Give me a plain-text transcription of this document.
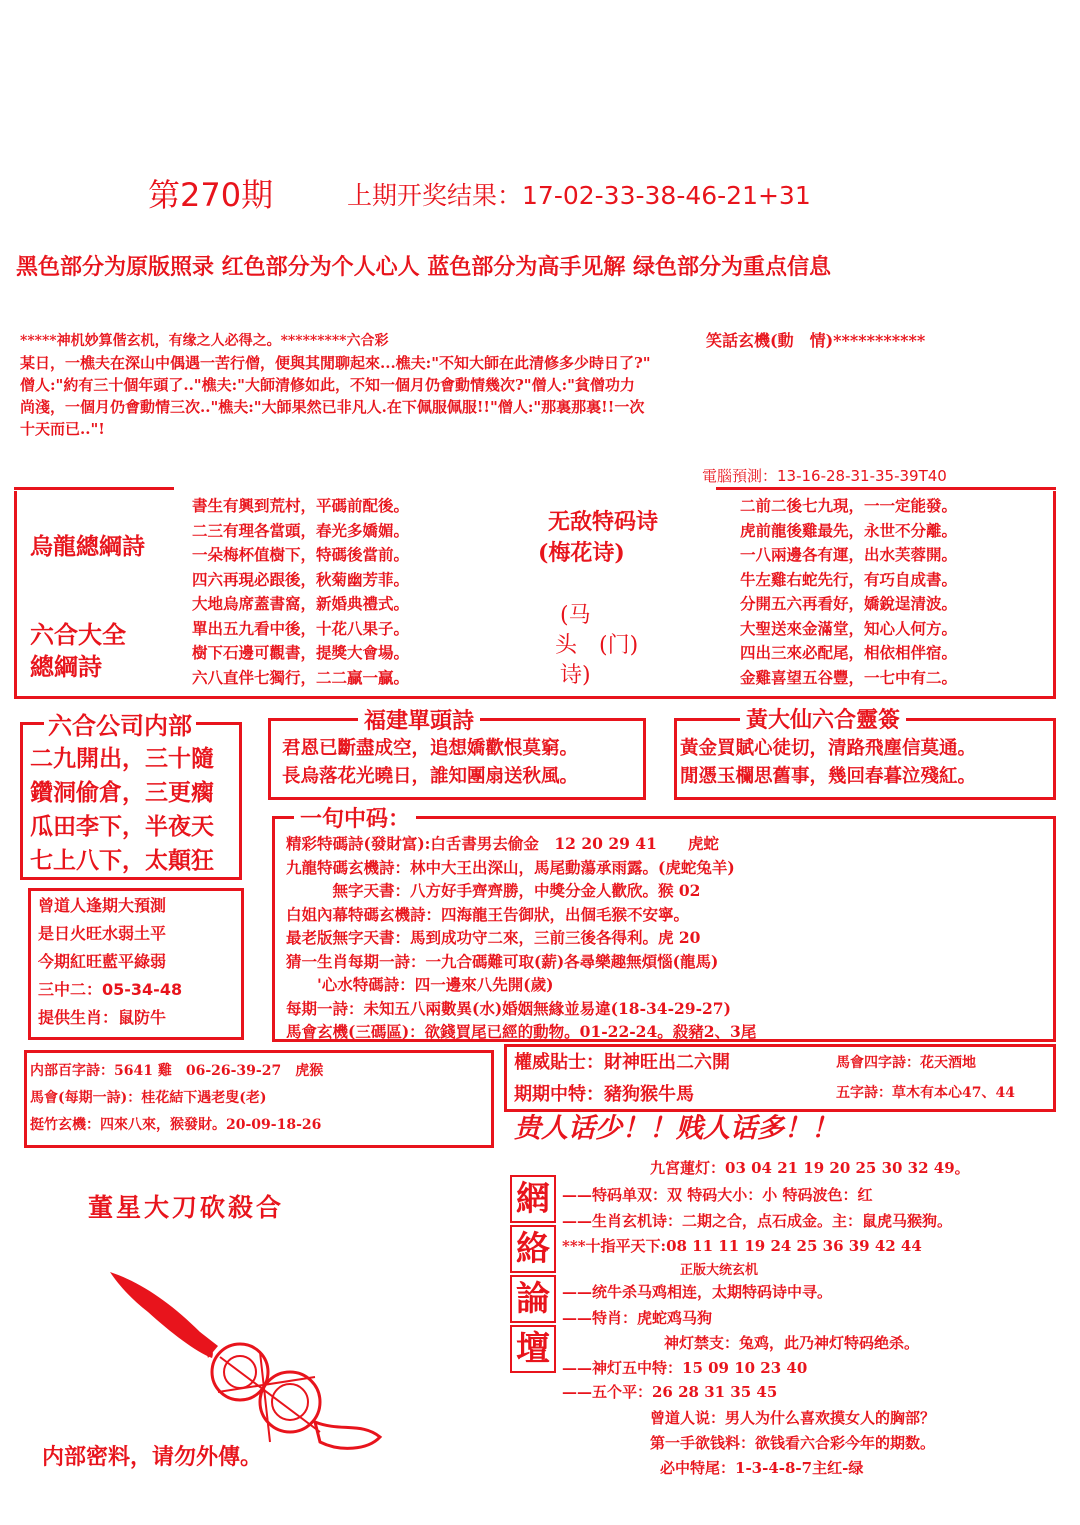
第270期	上期开奖结果：17-02-33-38-46-21+31
黑色部分为原版照录 红色部分为个人心人 蓝色部分为高手见解 绿色部分为重点信息
*****神机妙算偕玄机，有缘之人必得之。*********六合彩	笑話玄機(動　情)***********
某日，一樵夫在深山中偶遇一苦行僧，便與其閒聊起來...樵夫:"不知大師在此清修多少時日了?"
僧人:"約有三十個年頭了.."樵夫:"大師清修如此，不知一個月仍會動情幾次?"僧人:"貧僧功力
尚淺，一個月仍會動情三次.."樵夫:"大師果然已非凡人.在下佩服佩服!!"僧人:"那裏那裏!!一次
十天而已.."!
電腦預測：13-16-28-31-35-39T40
烏龍總綱詩
六合大全
總綱詩
書生有興到荒村，平碼前配後。
二三有理各當頭，春光多嬌媚。
一朵梅杯值樹下，特碼後當前。
四六再現必跟後，秋菊幽芳菲。
大地烏席蓋書窩，新婚典禮式。
單出五九看中後，十花八果子。
樹下石邊可觀書，提獎大會場。
六八直伴七獨行，二二贏一贏。
无敌特码诗
(梅花诗)
(马
头　(门)
诗)
二前二後七九現，一一定能發。
虎前龍後雞最先，永世不分離。
一八兩邊各有運，出水芙蓉開。
牛左雞右蛇先行，有巧自成書。
分開五六再看好，嬌銳逞清波。
大聖送來金滿堂，知心人何方。
四出三來必配尾，相依相伴宿。
金雞喜望五谷豐，一七中有二。
六合公司内部
二九開出，三十隨
鑽洞偷倉，三更瘸
瓜田李下，半夜天
七上八下，太顛狂
福建單頭詩
君恩已斷盡成空，追想嬌歡恨莫窮。
長烏落花光曉日，誰知團扇送秋風。
黃大仙六合靈簽
黃金買賦心徒切，清路飛塵信莫通。
閒憑玉欄思舊事，幾回春暮泣殘紅。
曾道人逢期大預測
是日火旺水弱土平
今期紅旺藍平綠弱
三中二：05-34-48
提供生肖：鼠防牛
一句中码：
精彩特碼詩(發財富):白舌書男去偷金　12 20 29 41　　虎蛇
九龍特碼玄機詩：林中大王出深山，馬尾動蕩承雨露。(虎蛇兔羊)
　　　無字天書：八方好手齊齊勝，中獎分金人歡欣。猴 02
白姐內幕特碼玄機詩：四海龍王告御狀，出個毛猴不安寧。
最老版無字天書：馬到成功守二來，三前三後各得利。虎 20
猜一生肖每期一詩：一九合碼難可取(薪)各尋樂趣無煩惱(龍馬)
　　'心水特碼詩：四一邊來八先開(歲)
每期一詩：未知五八兩數異(水)婚姻無緣並易違(18-34-29-27)
馬會玄機(三碼區)：欲錢買尾已經的動物。01-22-24。殺豬2、3尾
内部百字詩：5641 雞　06-26-39-27　虎猴
馬會(每期一詩)：桂花結下遇老叟(老)
挺竹玄機：四來八來，猴發財。20-09-18-26
權威貼士：財神旺出二六開	馬會四字詩：花天酒地
期期中特：豬狗猴牛馬	五字詩：草木有本心47、44
贵人话少！！贱人话多！！
董星大刀砍殺合
内部密料，请勿外傳。
網
絡
論
壇
九宮蓮灯：03 04 21 19 20 25 30 32 49。
——特码单双：双 特码大小：小 特码波色：红
——生肖玄机诗：二期之合，点石成金。主：鼠虎马猴狗。
***十指平天下:08 11 11 19 24 25 36 39 42 44
正版大统玄机
——统牛杀马鸡相连，太期特码诗中寻。
——特肖：虎蛇鸡马狗
神灯禁支：兔鸡，此乃神灯特码绝杀。
——神灯五中特：15 09 10 23 40
——五个平：26 28 31 35 45
曾道人说：男人为什么喜欢摸女人的胸部？
第一手欲钱料：欲钱看六合彩今年的期数。
必中特尾：1-3-4-8-7主红-绿
